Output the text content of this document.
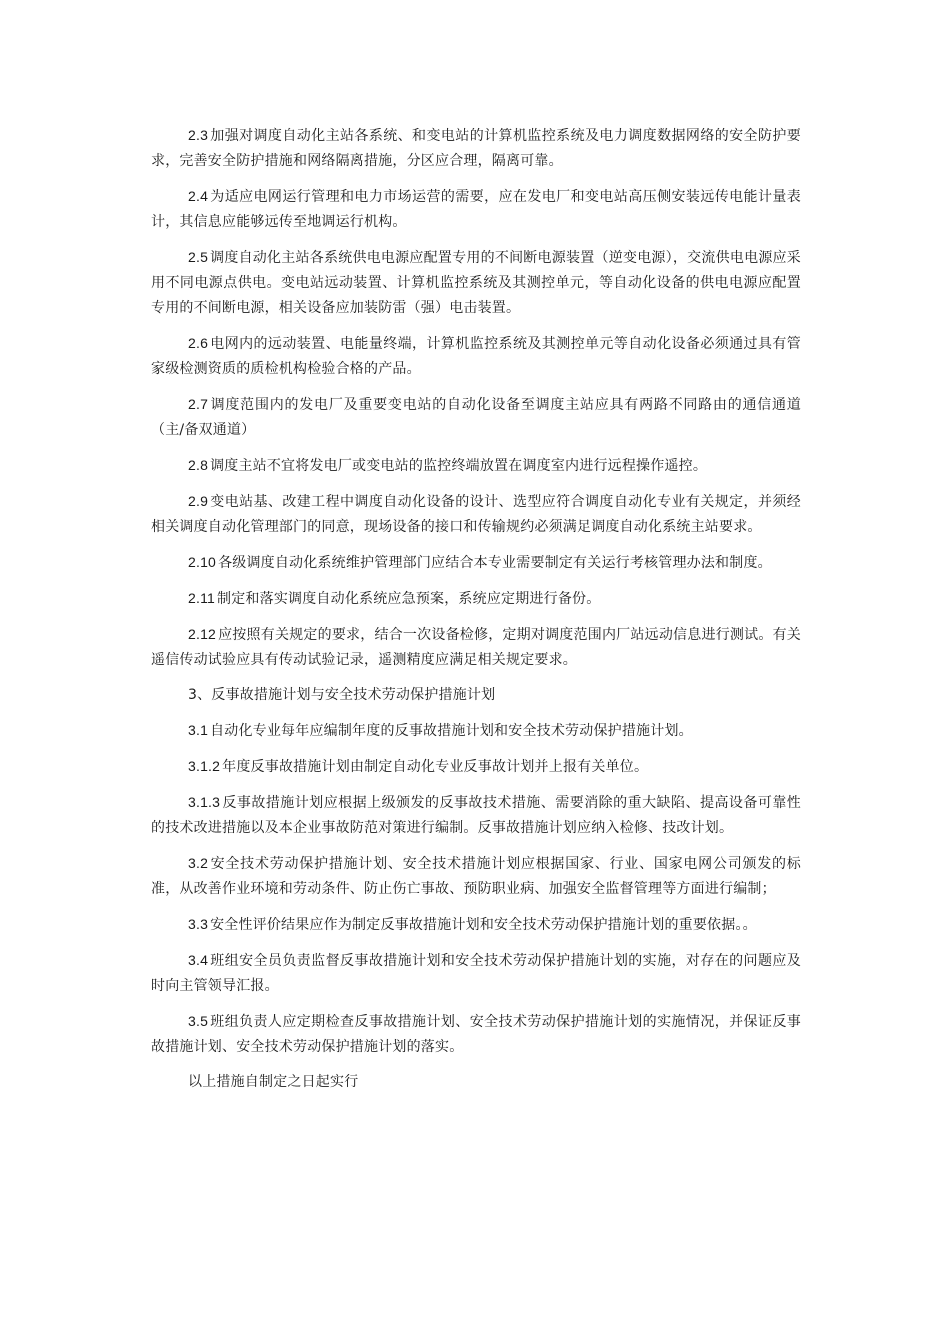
2.3 加强对调度自动化主站各系统、和变电站的计算机监控系统及电力调度数据网络的安全防护要求，完善安全防护措施和网络隔离措施，分区应合理，隔离可靠。

2.4 为适应电网运行管理和电力市场运营的需要，应在发电厂和变电站高压侧安装远传电能计量表计，其信息应能够远传至地调运行机构。

2.5 调度自动化主站各系统供电电源应配置专用的不间断电源装置（逆变电源），交流供电电源应采用不同电源点供电。变电站远动装置、计算机监控系统及其测控单元，等自动化设备的供电电源应配置专用的不间断电源，相关设备应加装防雷（强）电击装置。

2.6 电网内的远动装置、电能量终端，计算机监控系统及其测控单元等自动化设备必须通过具有管家级检测资质的质检机构检验合格的产品。

2.7 调度范围内的发电厂及重要变电站的自动化设备至调度主站应具有两路不同路由的通信通道（主/备双通道）

2.8 调度主站不宜将发电厂或变电站的监控终端放置在调度室内进行远程操作遥控。

2.9 变电站基、改建工程中调度自动化设备的设计、选型应符合调度自动化专业有关规定，并须经相关调度自动化管理部门的同意，现场设备的接口和传输规约必须满足调度自动化系统主站要求。

2.10 各级调度自动化系统维护管理部门应结合本专业需要制定有关运行考核管理办法和制度。

2.11 制定和落实调度自动化系统应急预案，系统应定期进行备份。

2.12 应按照有关规定的要求，结合一次设备检修，定期对调度范围内厂站远动信息进行测试。有关遥信传动试验应具有传动试验记录，遥测精度应满足相关规定要求。

3、反事故措施计划与安全技术劳动保护措施计划

3.1 自动化专业每年应编制年度的反事故措施计划和安全技术劳动保护措施计划。

3.1.2 年度反事故措施计划由制定自动化专业反事故计划并上报有关单位。

3.1.3 反事故措施计划应根据上级颁发的反事故技术措施、需要消除的重大缺陷、提高设备可靠性的技术改进措施以及本企业事故防范对策进行编制。反事故措施计划应纳入检修、技改计划。

3.2 安全技术劳动保护措施计划、安全技术措施计划应根据国家、行业、国家电网公司颁发的标准，从改善作业环境和劳动条件、防止伤亡事故、预防职业病、加强安全监督管理等方面进行编制；

3.3 安全性评价结果应作为制定反事故措施计划和安全技术劳动保护措施计划的重要依据。。

3.4 班组安全员负责监督反事故措施计划和安全技术劳动保护措施计划的实施，对存在的问题应及时向主管领导汇报。

3.5 班组负责人应定期检查反事故措施计划、安全技术劳动保护措施计划的实施情况，并保证反事故措施计划、安全技术劳动保护措施计划的落实。

以上措施自制定之日起实行
